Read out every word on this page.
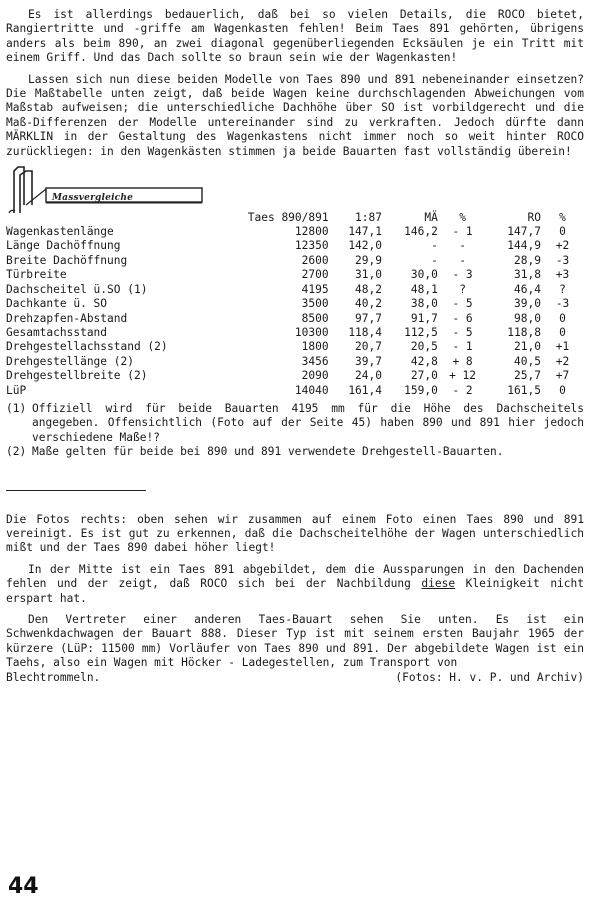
Es ist allerdings bedauerlich, daß bei so vielen Details, die ROCO bietet, Rangiertritte und -griffe am Wagenkasten fehlen! Beim Taes 891 gehörten, übrigens anders als beim 890, an zwei diagonal gegenüberliegenden Ecksäulen je ein Tritt mit einem Griff. Und das Dach sollte so braun sein wie der Wagenkasten!

Lassen sich nun diese beiden Modelle von Taes 890 und 891 nebeneinander einsetzen? Die Maßtabelle unten zeigt, daß beide Wagen keine durchschlagenden Abweichungen vom Maßstab aufweisen; die unterschiedliche Dachhöhe über SO ist vorbildgerecht und die Maß-Differenzen der Modelle untereinander sind zu verkraften. Jedoch dürfte dann MÄRKLIN in der Gestaltung des Wagenkastens nicht immer noch so weit hinter ROCO zurückliegen: in den Wagenkästen stimmen ja beide Bauarten fast vollständig überein!

Massvergleiche
	Taes 890/891	1:87	MÄ	%	RO	%
Wagenkastenlänge	12800	147,1	146,2	- 1	147,7	0
Länge Dachöffnung	12350	142,0	-	-	144,9	+2
Breite Dachöffnung	2600	29,9	-	-	28,9	-3
Türbreite	2700	31,0	30,0	- 3	31,8	+3
Dachscheitel ü.SO (1)	4195	48,2	48,1	?	46,4	?
Dachkante ü. SO	3500	40,2	38,0	- 5	39,0	-3
Drehzapfen-Abstand	8500	97,7	91,7	- 6	98,0	0
Gesamtachsstand	10300	118,4	112,5	- 5	118,8	0
Drehgestellachsstand (2)	1800	20,7	20,5	- 1	21,0	+1
Drehgestellänge (2)	3456	39,7	42,8	+ 8	40,5	+2
Drehgestellbreite (2)	2090	24,0	27,0	+ 12	25,7	+7
LüP	14040	161,4	159,0	- 2	161,5	0
(1) Offiziell wird für beide Bauarten 4195 mm für die Höhe des Dachscheitels angegeben. Offensichtlich (Foto auf der Seite 45) haben 890 und 891 hier jedoch verschiedene Maße!?
(2) Maße gelten für beide bei 890 und 891 verwendete Drehgestell-Bauarten.

Die Fotos rechts: oben sehen wir zusammen auf einem Foto einen Taes 890 und 891 vereinigt. Es ist gut zu erkennen, daß die Dachscheitelhöhe der Wagen unterschiedlich mißt und der Taes 890 dabei höher liegt!

In der Mitte ist ein Taes 891 abgebildet, dem die Aussparungen in den Dachenden fehlen und der zeigt, daß ROCO sich bei der Nachbildung diese Kleinigkeit nicht erspart hat.

Den Vertreter einer anderen Taes-Bauart sehen Sie unten. Es ist ein Schwenkdachwagen der Bauart 888. Dieser Typ ist mit seinem ersten Baujahr 1965 der kürzere (LüP: 11500 mm) Vorläufer von Taes 890 und 891. Der abgebildete Wagen ist ein Taehs, also ein Wagen mit Höcker - Ladegestellen, zum Transport von

Blechtrommeln.	(Fotos: H. v. P. und Archiv)
44
